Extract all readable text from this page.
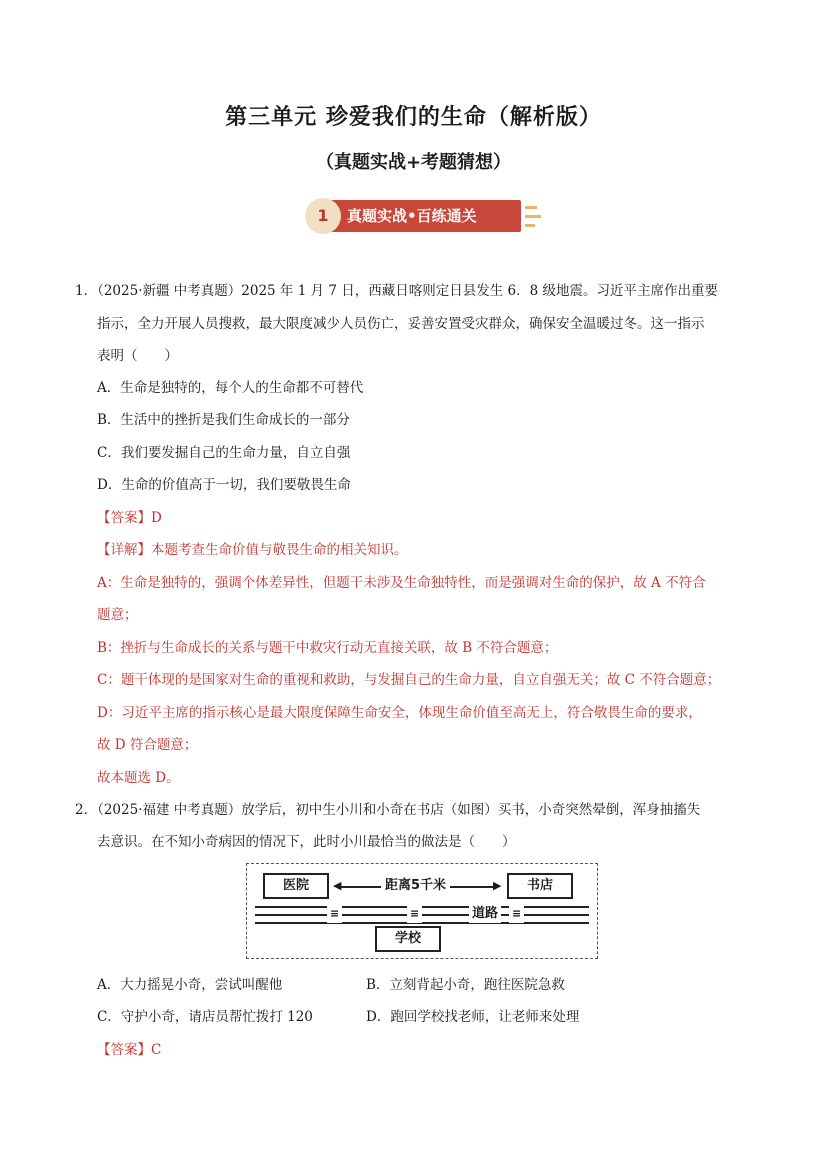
第三单元 珍爱我们的生命（解析版）
（真题实战+考题猜想）
1	真题实战•百练通关
1．（2025·新疆 中考真题）2025 年 1 月 7 日，西藏日喀则定日县发生 6．8 级地震。习近平主席作出重要
指示，全力开展人员搜救，最大限度减少人员伤亡，妥善安置受灾群众，确保安全温暖过冬。这一指示
表明（　　）
A．生命是独特的，每个人的生命都不可替代
B．生活中的挫折是我们生命成长的一部分
C．我们要发掘自己的生命力量，自立自强
D．生命的价值高于一切，我们要敬畏生命
【答案】D
【详解】本题考查生命价值与敬畏生命的相关知识。
A：生命是独特的，强调个体差异性，但题干未涉及生命独特性，而是强调对生命的保护，故 A 不符合
题意；
B：挫折与生命成长的关系与题干中救灾行动无直接关联，故 B 不符合题意；
C：题干体现的是国家对生命的重视和救助，与发掘自己的生命力量，自立自强无关；故 C 不符合题意；
D：习近平主席的指示核心是最大限度保障生命安全，体现生命价值至高无上，符合敬畏生命的要求，
故 D 符合题意；
故本题选 D。
2．（2025·福建 中考真题）放学后，初中生小川和小奇在书店（如图）买书，小奇突然晕倒，浑身抽搐失
去意识。在不知小奇病因的情况下，此时小川最恰当的做法是（　　）
医院	书店
◀	▶
距离5千米
≡	≡	≡
道路
学校
A．大力摇晃小奇，尝试叫醒他	B．立刻背起小奇，跑往医院急救
C．守护小奇，请店员帮忙拨打 120	D．跑回学校找老师，让老师来处理
【答案】C
